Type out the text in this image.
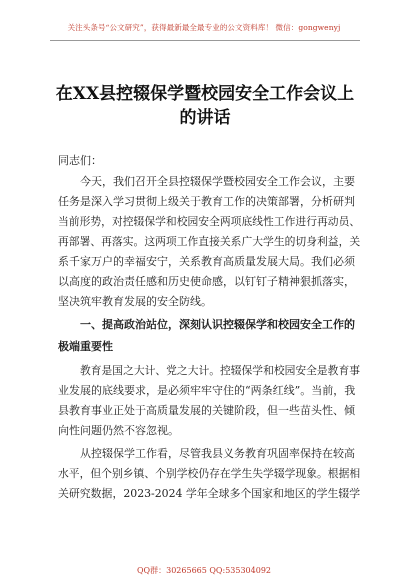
关注头条号“公文研究”，获得最新最全最专业的公文资料库！ 微信：gongwenyj
在XX县控辍保学暨校园安全工作会议上
的讲话
同志们：
今天，我们召开全县控辍保学暨校园安全工作会议，主要
任务是深入学习贯彻上级关于教育工作的决策部署，分析研判
当前形势，对控辍保学和校园安全两项底线性工作进行再动员、
再部署、再落实。这两项工作直接关系广大学生的切身利益，关
系千家万户的幸福安宁，关系教育高质量发展大局。我们必须
以高度的政治责任感和历史使命感，以钉钉子精神狠抓落实，
坚决筑牢教育发展的安全防线。
一、提高政治站位，深刻认识控辍保学和校园安全工作的
极端重要性
教育是国之大计、党之大计。控辍保学和校园安全是教育事
业发展的底线要求，是必须牢牢守住的“两条红线”。当前，我
县教育事业正处于高质量发展的关键阶段，但一些苗头性、倾
向性问题仍然不容忽视。
从控辍保学工作看，尽管我县义务教育巩固率保持在较高
水平，但个别乡镇、个别学校仍存在学生失学辍学现象。根据相
关研究数据，2023-2024 学年全球多个国家和地区的学生辍学
QQ群：30265665 QQ:535304092
